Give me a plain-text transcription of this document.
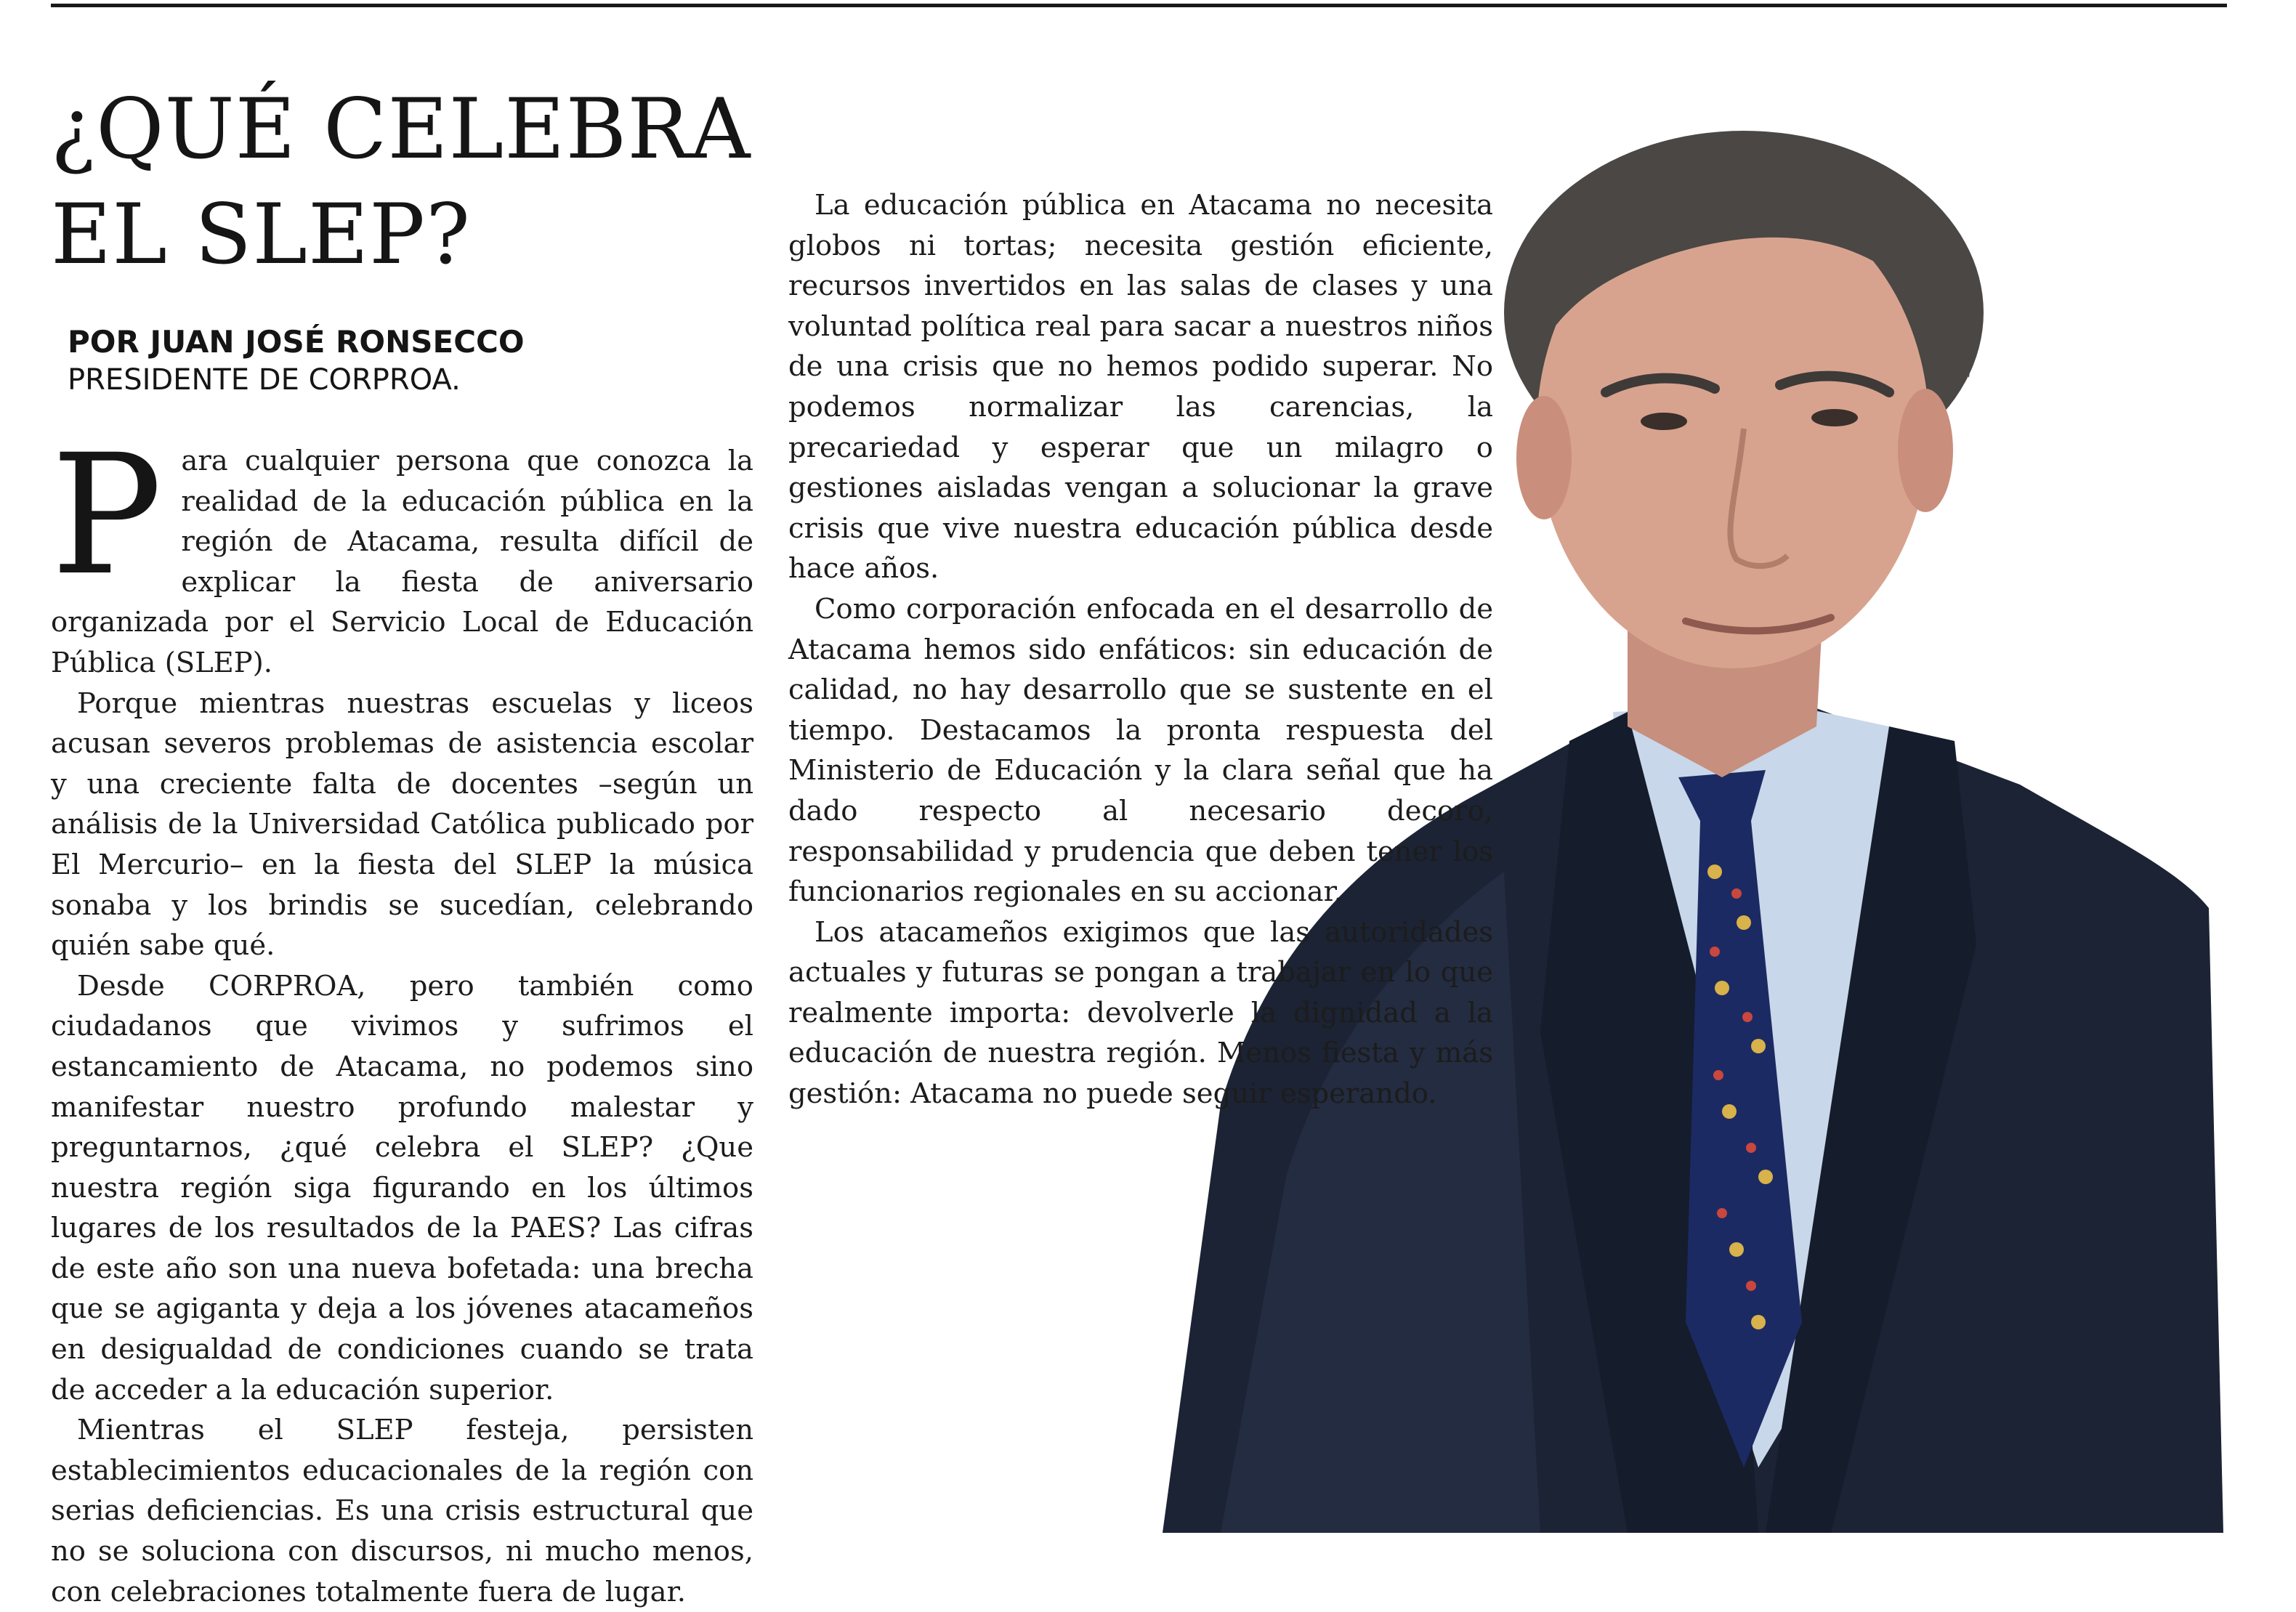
¿QUÉ CELEBRA
EL SLEP?
POR JUAN JOSÉ RONSECCO
PRESIDENTE DE CORPROA.

Para cualquier persona que conozca la realidad de la educación pública en la región de Atacama, resulta difícil de explicar la fiesta de aniversario organizada por el Servicio Local de Educación Pública (SLEP).

Porque mientras nuestras escuelas y liceos acusan severos problemas de asistencia escolar y una creciente falta de docentes –según un análisis de la Universidad Católica publicado por El Mercurio– en la fiesta del SLEP la música sonaba y los brindis se sucedían, celebrando quién sabe qué.

Desde CORPROA, pero también como ciudadanos que vivimos y sufrimos el estancamiento de Atacama, no podemos sino manifestar nuestro profundo malestar y preguntarnos, ¿qué celebra el SLEP? ¿Que nuestra región siga figurando en los últimos lugares de los resultados de la PAES? Las cifras de este año son una nueva bofetada: una brecha que se agiganta y deja a los jóvenes atacameños en desigualdad de condiciones cuando se trata de acceder a la educación superior.

Mientras el SLEP festeja, persisten establecimientos educacionales de la región con serias deficiencias. Es una crisis estructural que no se soluciona con discursos, ni mucho menos, con celebraciones totalmente fuera de lugar.

La educación pública en Atacama no necesita globos ni tortas; necesita gestión eficiente, recursos invertidos en las salas de clases y una voluntad política real para sacar a nuestros niños de una crisis que no hemos podido superar. No podemos normalizar las carencias, la precariedad y esperar que un milagro o gestiones aisladas vengan a solucionar la grave crisis que vive nuestra educación pública desde hace años.

Como corporación enfocada en el desarrollo de Atacama hemos sido enfáticos: sin educación de calidad, no hay desarrollo que se sustente en el tiempo. Destacamos la pronta respuesta del Ministerio de Educación y la clara señal que ha dado respecto al necesario decoro, responsabilidad y prudencia que deben tener los funcionarios regionales en su accionar.

Los atacameños exigimos que las autoridades actuales y futuras se pongan a trabajar en lo que realmente importa: devolverle la dignidad a la educación de nuestra región. Menos fiesta y más gestión: Atacama no puede seguir esperando.
